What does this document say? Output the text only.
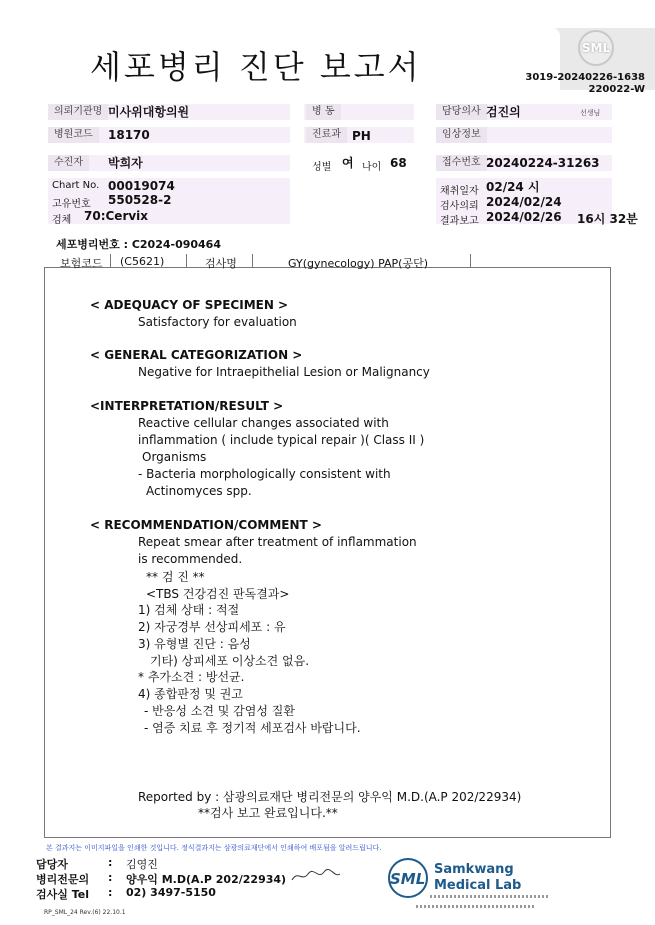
세포병리 진단 보고서	SML
3019-20240226-1638
220022-W
의뢰기관명 미사위대항의원	병 동	담당의사 검진의	선생님
병원코드	18170	진료과 PH	임상정보
수진자	박희자	성별 여 나이 68	접수번호 20240224-31263
Chart No. 00019074
고유번호 550528-2
검체 70:Cervix
채취일자 02/24 시
검사의뢰 2024/02/24
결과보고 2024/02/26 16시 32분
세포병리번호 : C2024-090464
보험코드 (C5621)	검사명	GY(gynecology) PAP(공단)
< ADEQUACY OF SPECIMEN >
Satisfactory for evaluation
< GENERAL CATEGORIZATION >
Negative for Intraepithelial Lesion or Malignancy
<INTERPRETATION/RESULT >
Reactive cellular changes associated with
inflammation ( include typical repair )( Class II )
Organisms
- Bacteria morphologically consistent with
Actinomyces spp.
< RECOMMENDATION/COMMENT >
Repeat smear after treatment of inflammation
is recommended.
** 검 진 **
<TBS 건강검진 판독결과>
1) 검체 상태 : 적절
2) 자궁경부 선상피세포 : 유
3) 유형별 진단 : 음성
기타) 상피세포 이상소견 없음.
* 추가소견 : 방선균.
4) 종합판정 및 권고
- 반응성 소견 및 감염성 질환
- 염증 치료 후 정기적 세포검사 바랍니다.
Reported by : 삼광의료재단 병리전문의 양우익 M.D.(A.P 202/22934)
**검사 보고 완료입니다.**
본 결과지는 이미지파일을 인쇄한 것입니다. 정식결과지는 삼광의료재단에서 인쇄하여 배포됨을 알려드립니다.
담당자	: 김영진
병리전문의 : 양우익 M.D(A.P 202/22934)
검사실 Tel : 02) 3497-5150
RP_SML_24 Rev.(6) 22.10.1
SML
Samkwang
Medical Lab
